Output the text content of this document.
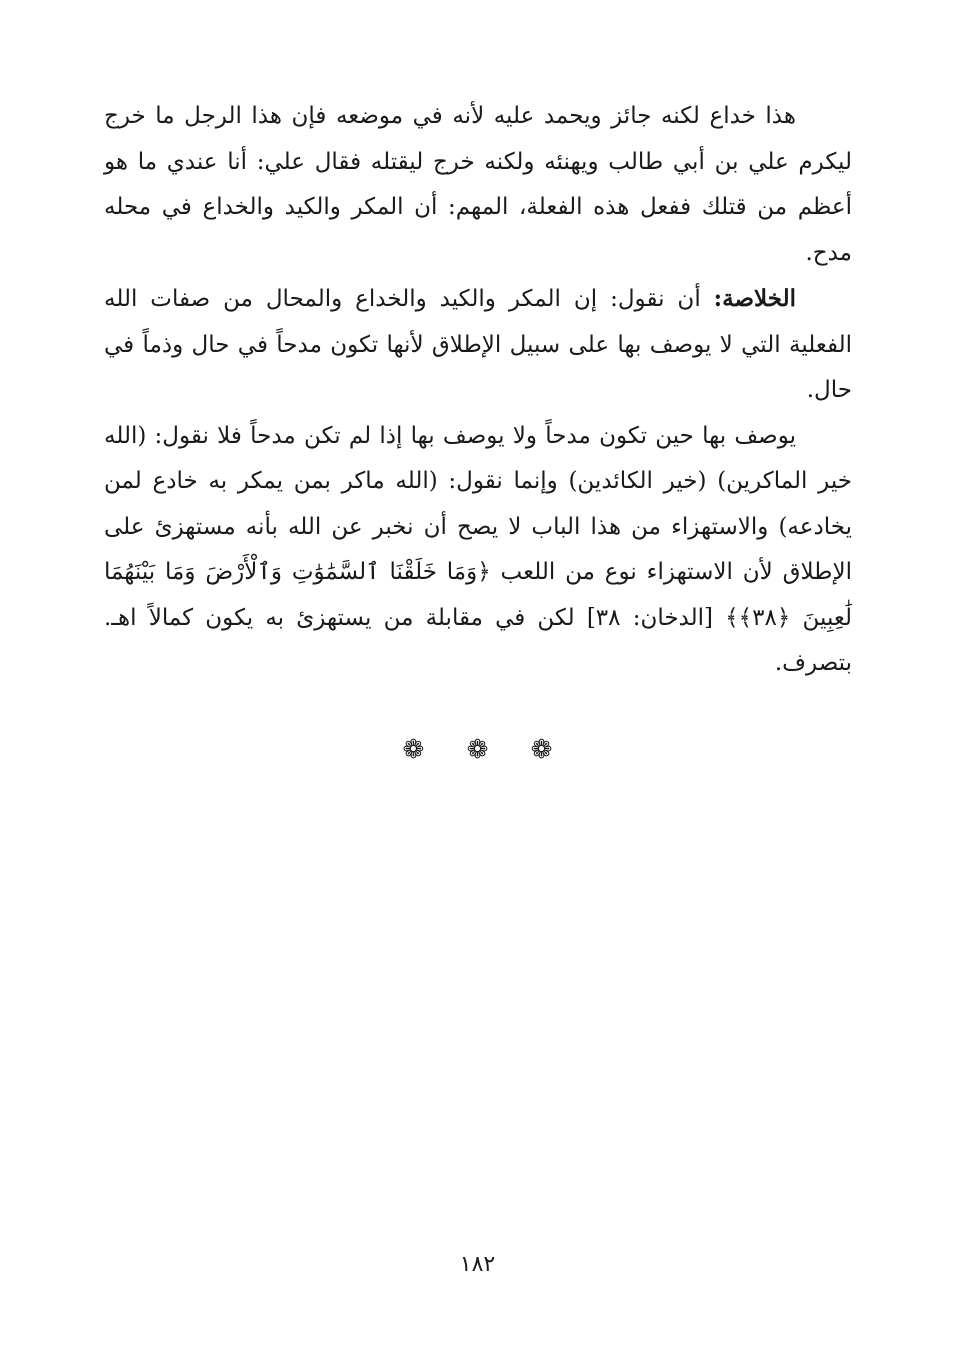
هذا خداع لكنه جائز ويحمد عليه لأنه في موضعه فإن هذا الرجل ما خرج ليكرم علي بن أبي طالب ويهنئه ولكنه خرج ليقتله فقال علي: أنا عندي ما هو أعظم من قتلك ففعل هذه الفعلة، المهم: أن المكر والكيد والخداع في محله مدح.

الخلاصة: أن نقول: إن المكر والكيد والخداع والمحال من صفات الله الفعلية التي لا يوصف بها على سبيل الإطلاق لأنها تكون مدحاً في حال وذماً في حال.

يوصف بها حين تكون مدحاً ولا يوصف بها إذا لم تكن مدحاً فلا نقول: (الله خير الماكرين) (خير الكائدين) وإنما نقول: (الله ماكر بمن يمكر به خادع لمن يخادعه) والاستهزاء من هذا الباب لا يصح أن نخبر عن الله بأنه مستهزئ على الإطلاق لأن الاستهزاء نوع من اللعب ﴿وَمَا خَلَقْنَا ٱلسَّمَٰوَٰتِ وَٱلْأَرْضَ وَمَا بَيْنَهُمَا لَٰعِبِينَ ﴿٣٨﴾﴾ [الدخان: ٣٨] لكن في مقابلة من يستهزئ به يكون كمالاً اهـ. بتصرف.

❁ ❁ ❁
١٨٢
